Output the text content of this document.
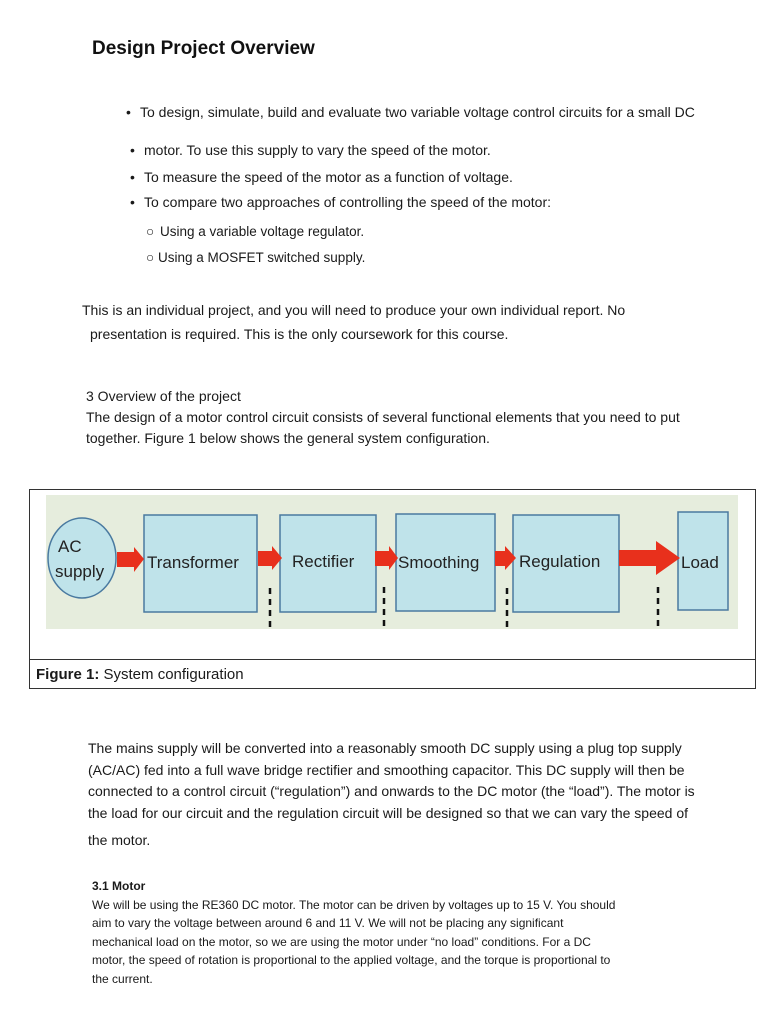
Design Project Overview
• To design, simulate, build and evaluate two variable voltage control circuits for a small DC
• motor. To use this supply to vary the speed of the motor.
• To measure the speed of the motor as a function of voltage.
• To compare two approaches of controlling the speed of the motor:
○ Using a variable voltage regulator.
○ Using a MOSFET switched supply.
This is an individual project, and you will need to produce your own individual report. No
presentation is required. This is the only coursework for this course.
3 Overview of the project
The design of a motor control circuit consists of several functional elements that you need to put
together. Figure 1 below shows the general system configuration.
AC
supply	Transformer	Rectifier	Smoothing Regulation	Load
Figure 1: System configuration
The mains supply will be converted into a reasonably smooth DC supply using a plug top supply
(AC/AC) fed into a full wave bridge rectifier and smoothing capacitor. This DC supply will then be
connected to a control circuit (“regulation”) and onwards to the DC motor (the “load”). The motor is
the load for our circuit and the regulation circuit will be designed so that we can vary the speed of
the motor.
3.1 Motor
We will be using the RE360 DC motor. The motor can be driven by voltages up to 15 V. You should
aim to vary the voltage between around 6 and 11 V. We will not be placing any significant
mechanical load on the motor, so we are using the motor under “no load” conditions. For a DC
motor, the speed of rotation is proportional to the applied voltage, and the torque is proportional to
the current.
